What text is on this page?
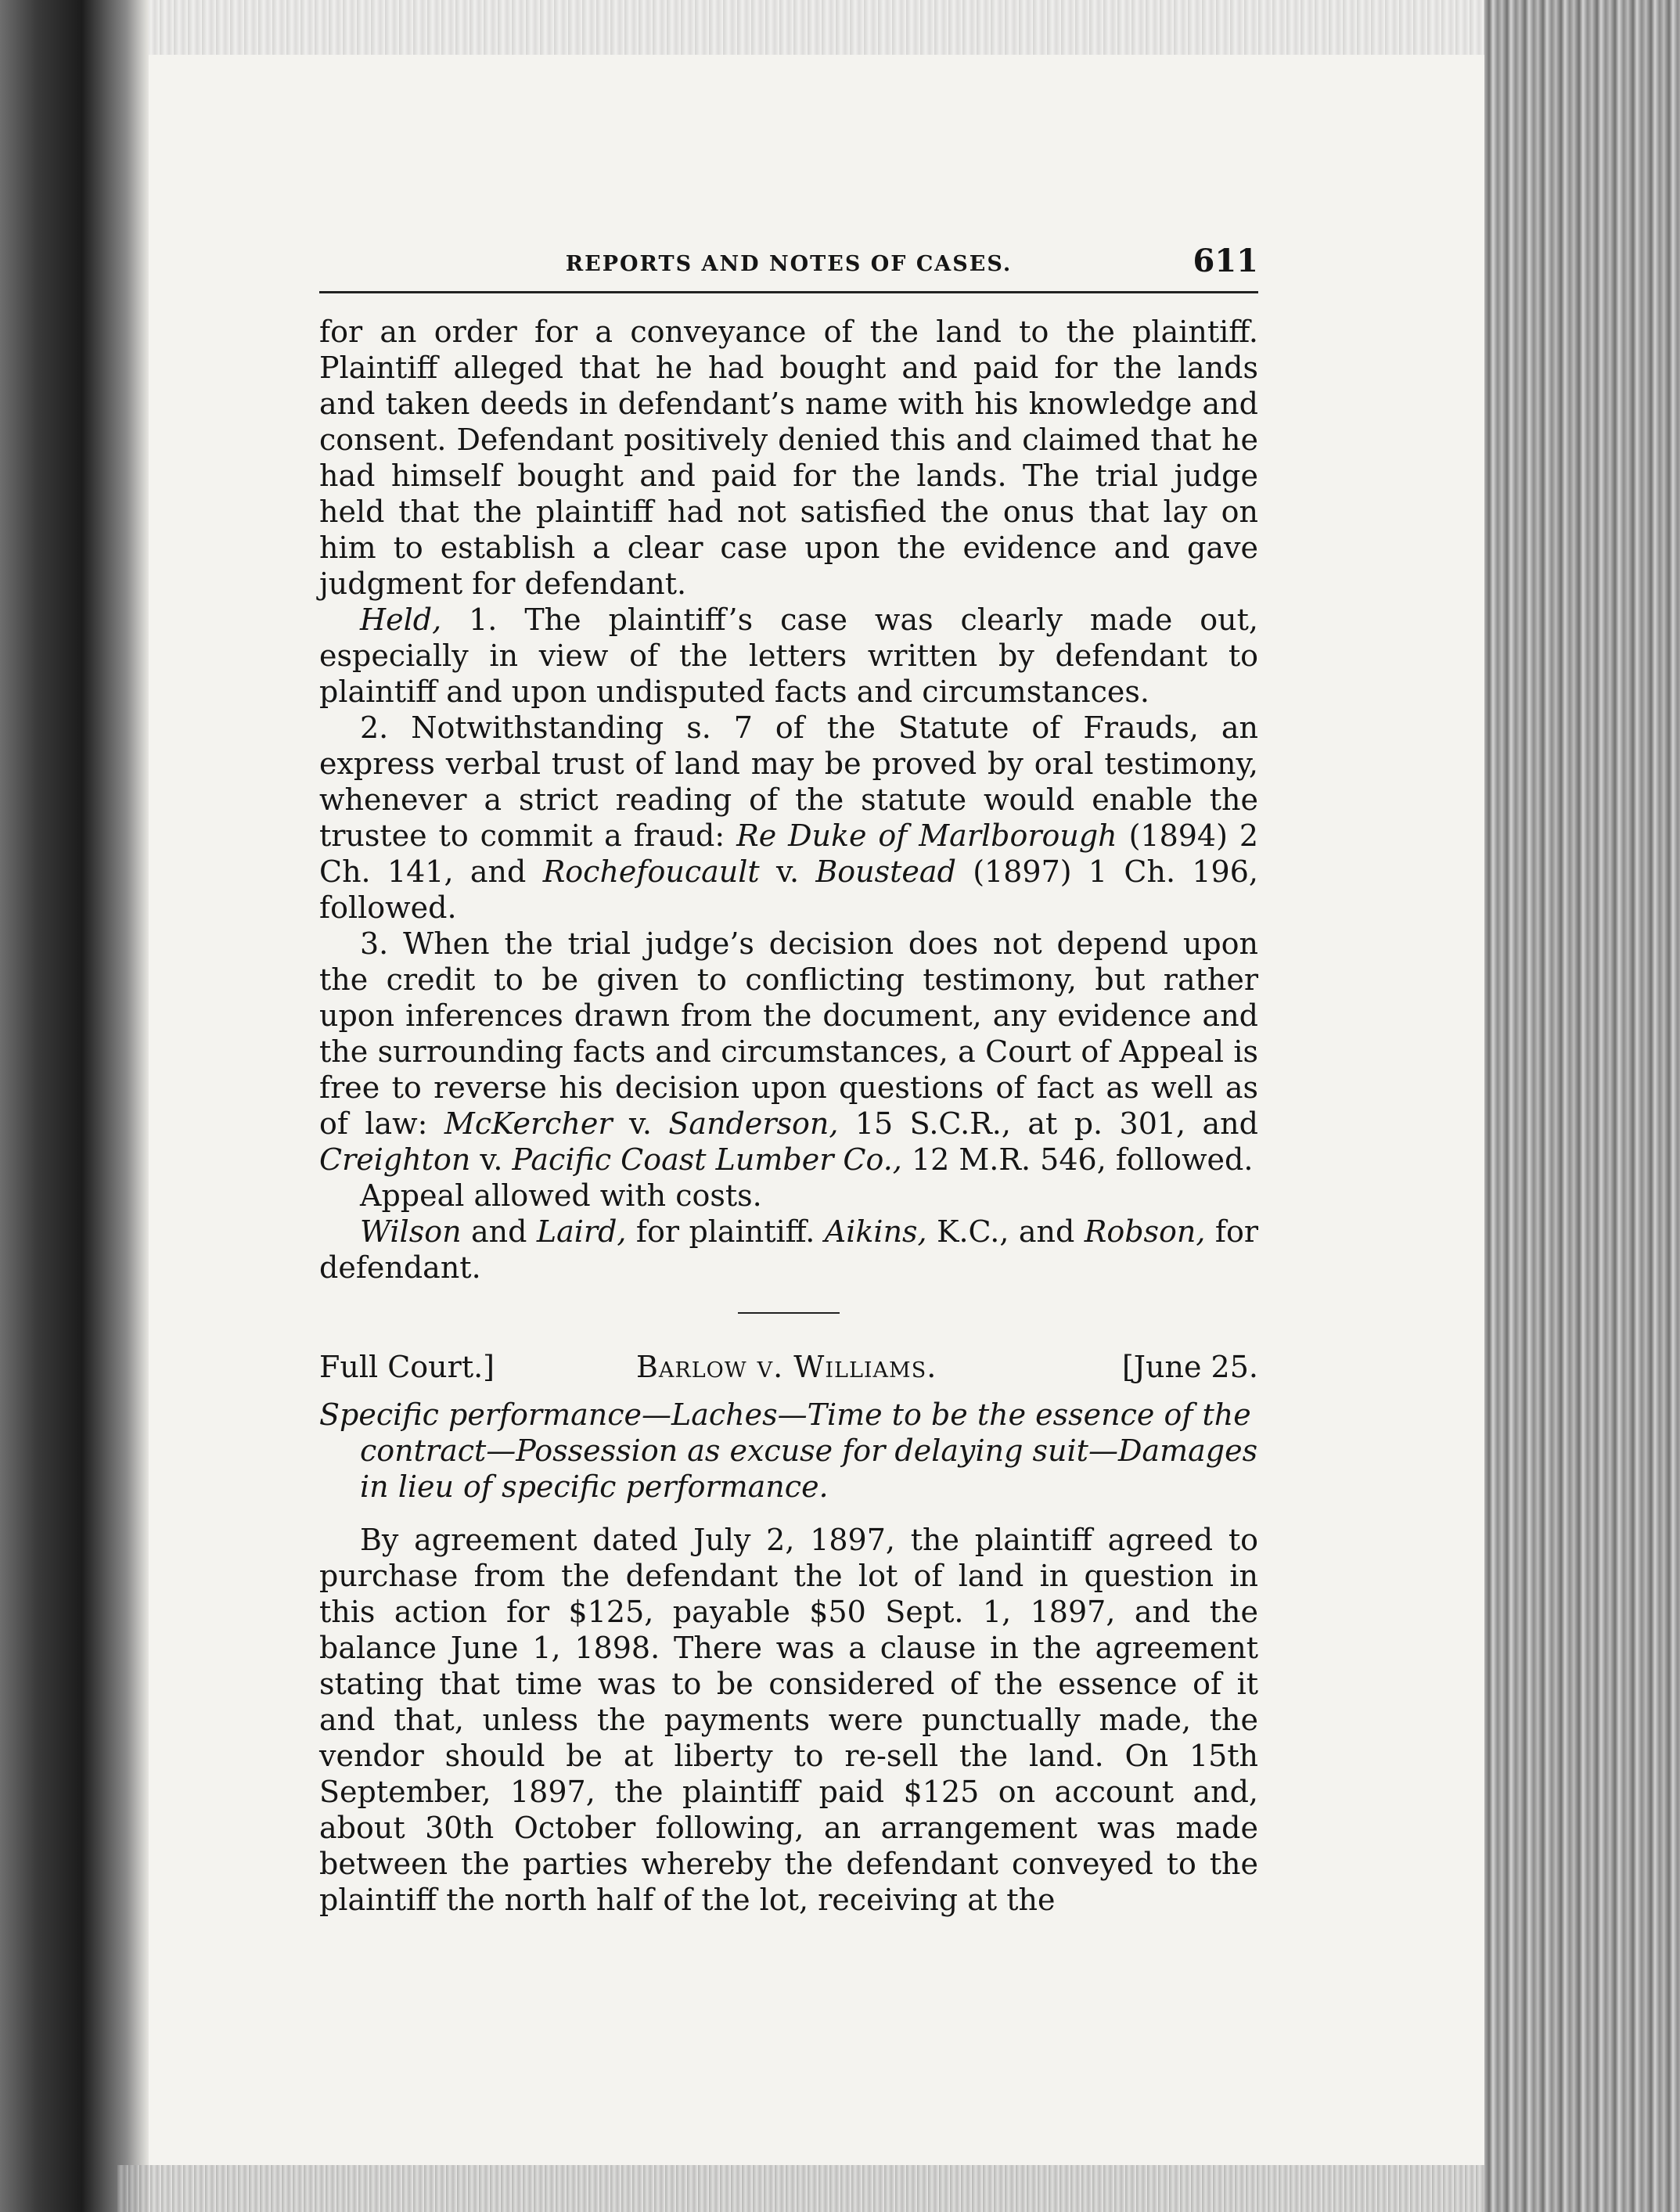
REPORTS AND NOTES OF CASES.	611

for an order for a conveyance of the land to the plaintiff. Plaintiff alleged that he had bought and paid for the lands and taken deeds in defendant’s name with his knowledge and consent. Defendant positively denied this and claimed that he had himself bought and paid for the lands. The trial judge held that the plaintiff had not satisfied the onus that lay on him to establish a clear case upon the evidence and gave judgment for defendant.

Held, 1. The plaintiff’s case was clearly made out, especially in view of the letters written by defendant to plaintiff and upon undisputed facts and circumstances.

2. Notwithstanding s. 7 of the Statute of Frauds, an express verbal trust of land may be proved by oral testimony, whenever a strict reading of the statute would enable the trustee to commit a fraud: Re Duke of Marlborough (1894) 2 Ch. 141, and Rochefoucault v. Boustead (1897) 1 Ch. 196, followed.

3. When the trial judge’s decision does not depend upon the credit to be given to conflicting testimony, but rather upon inferences drawn from the document, any evidence and the surrounding facts and circumstances, a Court of Appeal is free to reverse his decision upon questions of fact as well as of law: McKercher v. Sanderson, 15 S.C.R., at p. 301, and Creighton v. Pacific Coast Lumber Co., 12 M.R. 546, followed.

Appeal allowed with costs.

Wilson and Laird, for plaintiff. Aikins, K.C., and Robson, for defendant.

Full Court.]	Barlow v. Williams.	[June 25.

Specific performance—Laches—Time to be the essence of the contract—Possession as excuse for delaying suit—Damages in lieu of specific performance.

By agreement dated July 2, 1897, the plaintiff agreed to purchase from the defendant the lot of land in question in this action for $125, payable $50 Sept. 1, 1897, and the balance June 1, 1898. There was a clause in the agreement stating that time was to be considered of the essence of it and that, unless the payments were punctually made, the vendor should be at liberty to re-sell the land. On 15th September, 1897, the plaintiff paid $125 on account and, about 30th October following, an arrangement was made between the parties whereby the defendant conveyed to the plaintiff the north half of the lot, receiving at the
